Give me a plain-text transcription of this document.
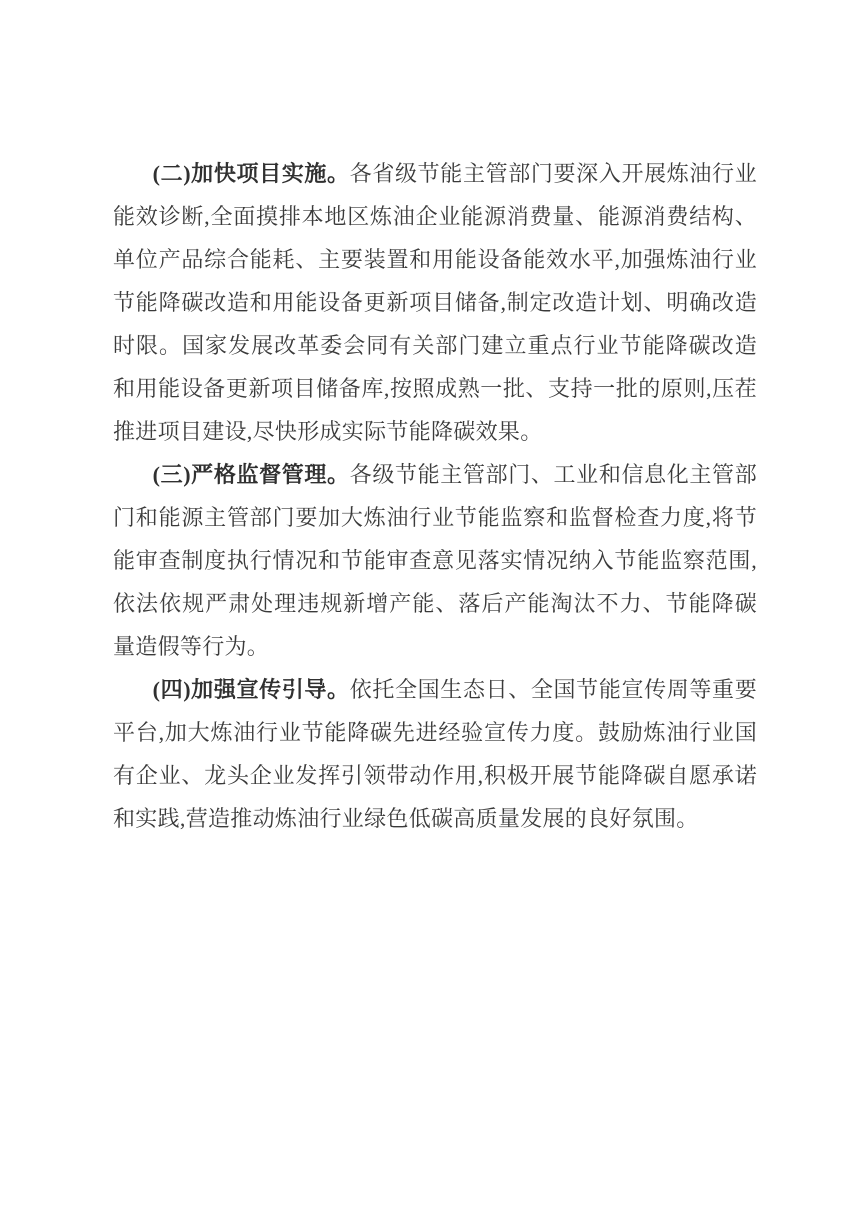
(二)加快项目实施。各省级节能主管部门要深入开展炼油行业能效诊断,全面摸排本地区炼油企业能源消费量、能源消费结构、单位产品综合能耗、主要装置和用能设备能效水平,加强炼油行业节能降碳改造和用能设备更新项目储备,制定改造计划、明确改造时限。国家发展改革委会同有关部门建立重点行业节能降碳改造和用能设备更新项目储备库,按照成熟一批、支持一批的原则,压茬推进项目建设,尽快形成实际节能降碳效果。

(三)严格监督管理。各级节能主管部门、工业和信息化主管部门和能源主管部门要加大炼油行业节能监察和监督检查力度,将节能审查制度执行情况和节能审查意见落实情况纳入节能监察范围,依法依规严肃处理违规新增产能、落后产能淘汰不力、节能降碳量造假等行为。

(四)加强宣传引导。依托全国生态日、全国节能宣传周等重要平台,加大炼油行业节能降碳先进经验宣传力度。鼓励炼油行业国有企业、龙头企业发挥引领带动作用,积极开展节能降碳自愿承诺和实践,营造推动炼油行业绿色低碳高质量发展的良好氛围。
